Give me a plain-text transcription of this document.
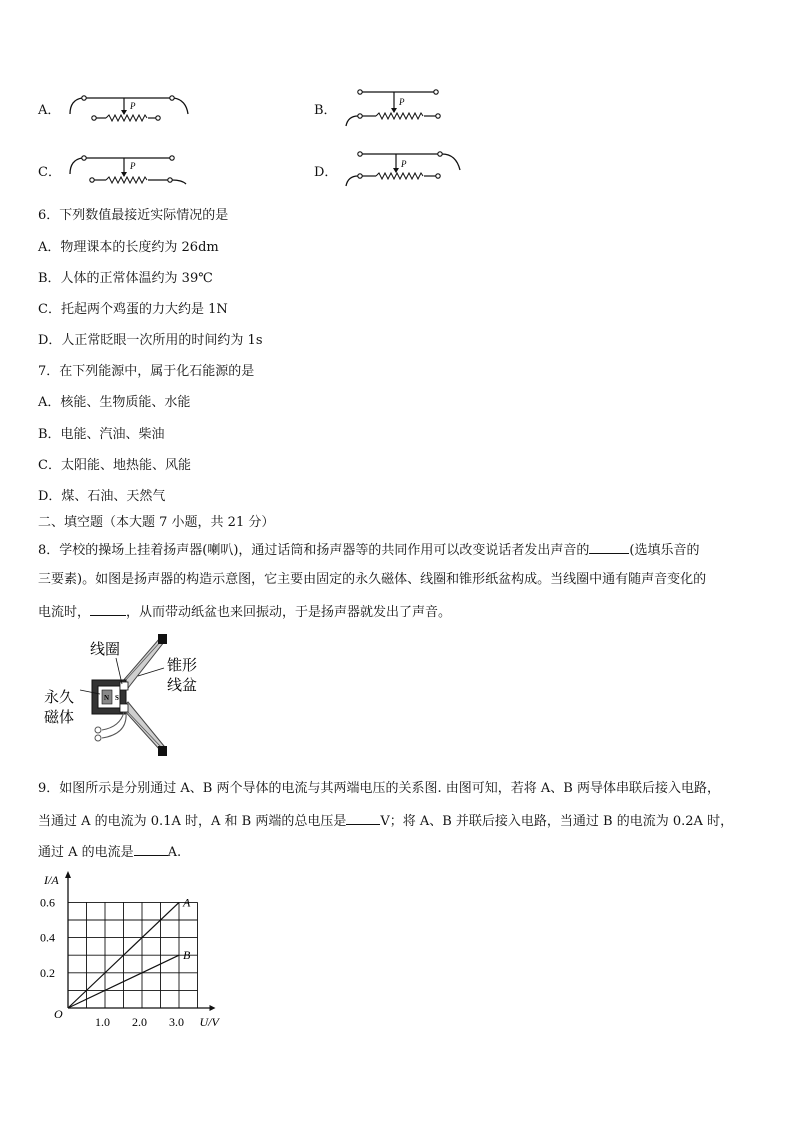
A．	B．
C．	D．
P	P
P	P
6．下列数值最接近实际情况的是
A．物理课本的长度约为 26dm
B．人体的正常体温约为 39℃
C．托起两个鸡蛋的力大约是 1N
D．人正常眨眼一次所用的时间约为 1s
7．在下列能源中，属于化石能源的是
A．核能、生物质能、水能
B．电能、汽油、柴油
C．太阳能、地热能、风能
D．煤、石油、天然气
二、填空题（本大题 7 小题，共 21 分）
8．学校的操场上挂着扬声器(喇叭)，通过话筒和扬声器等的共同作用可以改变说话者发出声音的	(选填乐音的
三要素)。如图是扬声器的构造示意图，它主要由固定的永久磁体、线圈和锥形纸盆构成。当线圈中通有随声音变化的
电流时，	，从而带动纸盆也来回振动，于是扬声器就发出了声音。
N S
线圈
锥形
线盆
永久
磁体
9．如图所示是分别通过 A、B 两个导体的电流与其两端电压的关系图. 由图可知，若将 A、B 两导体串联后接入电路，
当通过 A 的电流为 0.1A 时，A 和 B 两端的总电压是	V；将 A、B 并联后接入电路，当通过 B 的电流为 0.2A 时，
通过 A 的电流是	A.
A
B
0.6
0.4
0.2
1.0 2.0 3.0
O
I/A
U/V
